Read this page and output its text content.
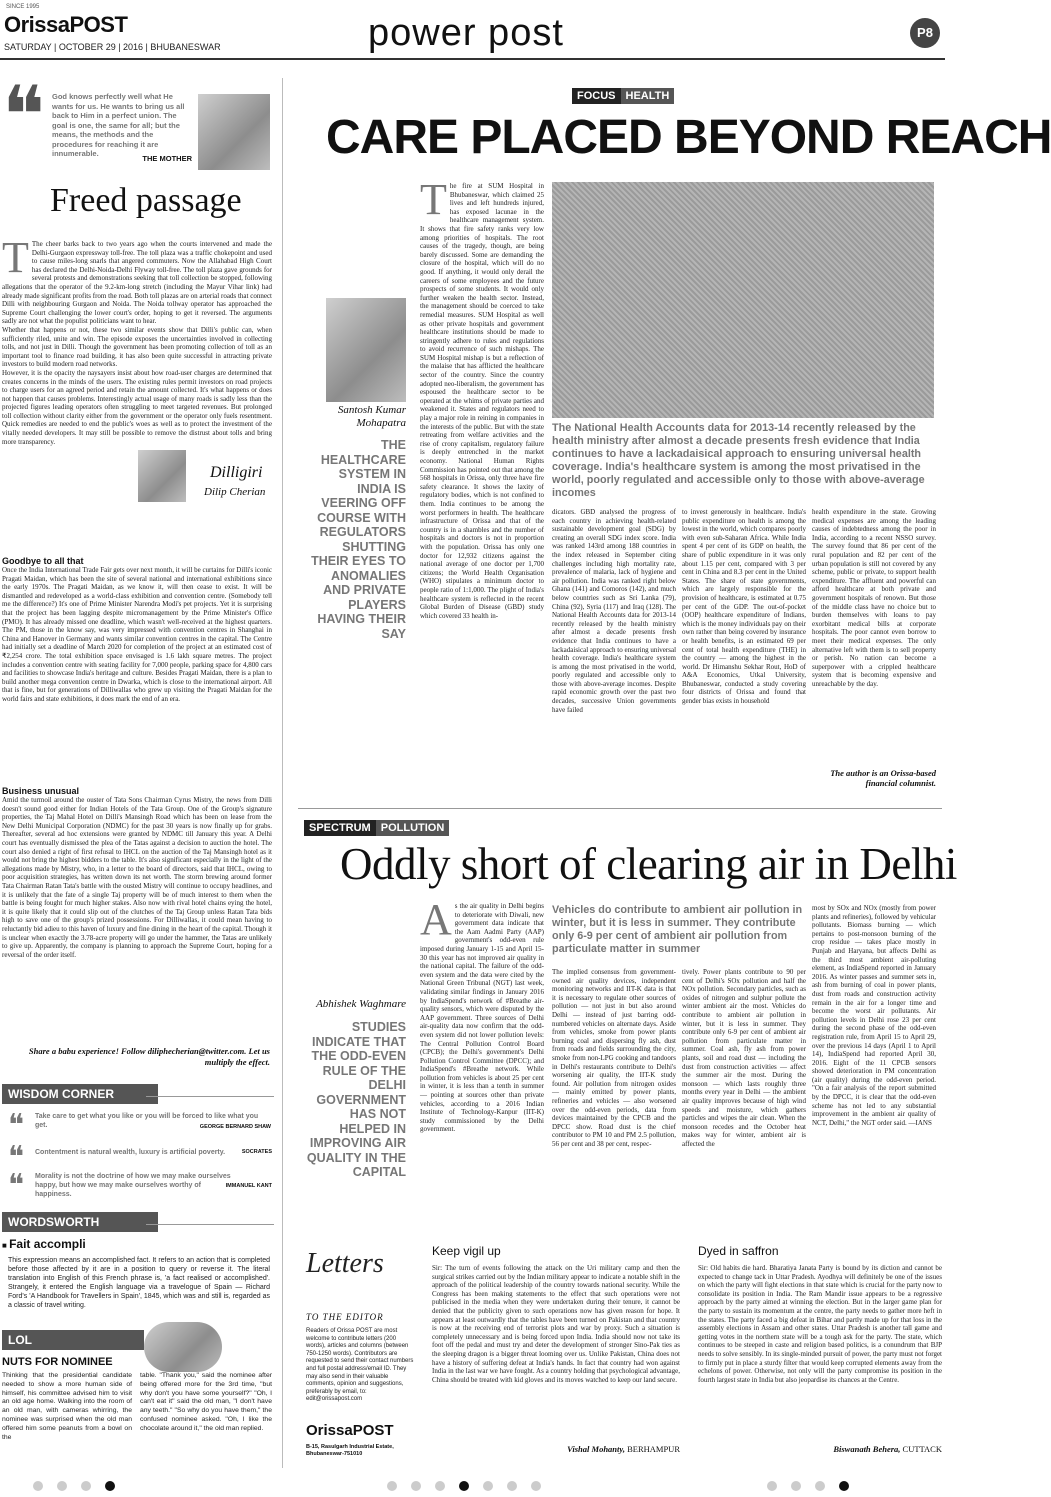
SINCE 1995
OrissaPOST
SATURDAY | OCTOBER 29 | 2016 | BHUBANESWAR	power post	P8
❝ God knows perfectly well what He wants for us. He wants to bring us all back to Him in a perfect union. The goal is one, the same for all; but the means, the methods and the procedures for reaching it are innumerable.
THE MOTHER
Freed passage
T The cheer barks back to two years ago when the courts intervened and made the Delhi-Gurgaon expressway toll-free. The toll plaza was a traffic chokepoint and used to cause miles-long snarls that angered commuters. Now the Allahabad High Court has declared the Delhi-Noida-Delhi Flyway toll-free. The toll plaza gave grounds for several protests and demonstrations seeking that toll collection be stopped, following allegations that the operator of the 9.2-km-long stretch (including the Mayur Vihar link) had already made significant profits from the road. Both toll plazas are on arterial roads that connect Dilli with neighbouring Gurgaon and Noida. The Noida tollway operator has approached the Supreme Court challenging the lower court's order, hoping to get it reversed. The arguments sadly are not what the populist politicians want to hear.
Whether that happens or not, these two similar events show that Dilli's public can, when sufficiently riled, unite and win. The episode exposes the uncertainties involved in collecting tolls, and not just in Dilli. Though the government has been promoting collection of toll as an important tool to finance road building, it has also been quite successful in attracting private investors to build modern road networks.
However, it is the opacity the naysayers insist about how road-user charges are determined that creates concerns in the minds of the users. The existing rules permit investors on road projects to charge users for an agreed period and retain the amount collected. It's what happens or does not happen that causes problems. Interestingly actual usage of many roads is sadly less than the projected figures leading operators often struggling to meet targeted revenues. But prolonged toll collection without clarity either from the government or the operator only fuels resentment. Quick remedies are needed to end the public's woes as well as to protect the investment of the vitally needed developers. It may still be possible to remove the distrust about tolls and bring more transparency.
Dilligiri
Dilip Cherian
Goodbye to all that
Once the India International Trade Fair gets over next month, it will be curtains for Dilli's iconic Pragati Maidan, which has been the site of several national and international exhibitions since the early 1970s. The Pragati Maidan, as we know it, will then cease to exist. It will be dismantled and redeveloped as a world-class exhibition and convention centre. (Somebody tell me the difference?) It's one of Prime Minister Narendra Modi's pet projects. Yet it is surprising that the project has been lagging despite micromanagement by the Prime Minister's Office (PMO). It has already missed one deadline, which wasn't well-received at the highest quarters. The PM, those in the know say, was very impressed with convention centres in Shanghai in China and Hanover in Germany and wants similar convention centres in the capital. The Centre had initially set a deadline of March 2020 for completion of the project at an estimated cost of ₹2,254 crore. The total exhibition space envisaged is 1.6 lakh square metres. The project includes a convention centre with seating facility for 7,000 people, parking space for 4,800 cars and facilities to showcase India's heritage and culture. Besides Pragati Maidan, there is a plan to build another mega convention centre in Dwarka, which is close to the international airport. All that is fine, but for generations of Dilliwallas who grew up visiting the Pragati Maidan for the world fairs and state exhibitions, it does mark the end of an era.
Business unusual
Amid the turmoil around the ouster of Tata Sons Chairman Cyrus Mistry, the news from Dilli doesn't sound good either for Indian Hotels of the Tata Group. One of the Group's signature properties, the Taj Mahal Hotel on Dilli's Mansingh Road which has been on lease from the New Delhi Municipal Corporation (NDMC) for the past 30 years is now finally up for grabs. Thereafter, several ad hoc extensions were granted by NDMC till January this year. A Delhi court has eventually dismissed the plea of the Tatas against a decision to auction the hotel. The court also denied a right of first refusal to IHCL on the auction of the Taj Mansingh hotel as it would not bring the highest bidders to the table. It's also significant especially in the light of the allegations made by Mistry, who, in a letter to the board of directors, said that IHCL, owing to poor acquisition strategies, has written down its net worth. The storm brewing around former Tata Chairman Ratan Tata's battle with the ousted Mistry will continue to occupy headlines, and it is unlikely that the fate of a single Taj property will be of much interest to them when the battle is being fought for much higher stakes. Also now with rival hotel chains eying the hotel, it is quite likely that it could slip out of the clutches of the Taj Group unless Ratan Tata bids high to save one of the group's prized possessions. For Dilliwallas, it could mean having to reluctantly bid adieu to this haven of luxury and fine dining in the heart of the capital. Though it is unclear when exactly the 3.78-acre property will go under the hammer, the Tatas are unlikely to give up. Apparently, the company is planning to approach the Supreme Court, hoping for a reversal of the order itself.
Share a babu experience! Follow diliphecherian@twitter.com. Let us multiply the effect.
WISDOM CORNER
❝ Take care to get what you like or you will be forced to like what you get.	GEORGE BERNARD SHAW
❝ Contentment is natural wealth, luxury is artificial poverty.	SOCRATES
❝ Morality is not the doctrine of how we may make ourselves happy, but how we may make ourselves worthy of happiness.
IMMANUEL KANT
WORDSWORTH
■ Fait accompli
This expression means an accomplished fact. It refers to an action that is completed before those affected by it are in a position to query or reverse it. The literal translation into English of this French phrase is, 'a fact realised or accomplished'. Strangely, it entered the English language via a travelogue of Spain — Richard Ford's 'A Handbook for Travellers in Spain', 1845, which was and still is, regarded as a classic of travel writing.
LOL
NUTS FOR NOMINEE
Thinking that the presidential candidate needed to show a more human side of himself, his committee advised him to visit an old age home. Walking into the room of an old man, with cameras whirring, the nominee was surprised when the old man offered him some peanuts from a bowl on the
table. "Thank you," said the nominee after being offered more for the 3rd time, "but why don't you have some yourself?" "Oh, I can't eat it" said the old man, "I don't have any teeth." "So why do you have them," the confused nominee asked. "Oh, I like the chocolate around it," the old man replied.
FOCUS HEALTH
CARE PLACED BEYOND REACH
Santosh Kumar Mohapatra
THE HEALTHCARE SYSTEM IN INDIA IS VEERING OFF COURSE WITH REGULATORS SHUTTING THEIR EYES TO ANOMALIES AND PRIVATE PLAYERS HAVING THEIR SAY
The fire at SUM Hospital in Bhubaneswar, which claimed 25 lives and left hundreds injured, has exposed lacunae in the healthcare management system. It shows that fire safety ranks very low among priorities of hospitals. The root causes of the tragedy, though, are being barely discussed. Some are demanding the closure of the hospital, which will do no good. If anything, it would only derail the careers of some employees and the future prospects of some students. It would only further weaken the health sector. Instead, the management should be coerced to take remedial measures. SUM Hospital as well as other private hospitals and government healthcare institutions should be made to stringently adhere to rules and regulations to avoid recurrence of such mishaps. The SUM Hospital mishap is but a reflection of the malaise that has afflicted the healthcare sector of the country. Since the country adopted neo-liberalism, the government has espoused the healthcare sector to be operated at the whims of private parties and weakened it. States and regulators need to play a major role in reining in companies in the interests of the public. But with the state retreating from welfare activities and the rise of crony capitalism, regulatory failure is deeply entrenched in the market economy. National Human Rights Commission has pointed out that among the 568 hospitals in Orissa, only three have fire safety clearance. It shows the laxity of regulatory bodies, which is not confined to them. India continues to be among the worst performers in health. The healthcare infrastructure of Orissa and that of the country is in a shambles and the number of hospitals and doctors is not in proportion with the population. Orissa has only one doctor for 12,932 citizens against the national average of one doctor per 1,700 citizens; the World Health Organisation (WHO) stipulates a minimum doctor to people ratio of 1:1,000. The plight of India's healthcare system is reflected in the recent Global Burden of Disease (GBD) study which covered 33 health in-
The National Health Accounts data for 2013-14 recently released by the health ministry after almost a decade presents fresh evidence that India continues to have a lackadaisical approach to ensuring universal health coverage. India's healthcare system is among the most privatised in the world, poorly regulated and accessible only to those with above-average incomes
dicators. GBD analysed the progress of each country in achieving health-related sustainable development goal (SDG) by creating an overall SDG index score. India was ranked 143rd among 188 countries in the index released in September citing challenges including high mortality rate, prevalence of malaria, lack of hygiene and air pollution. India was ranked right below Ghana (141) and Comoros (142), and much below countries such as Sri Lanka (79), China (92), Syria (117) and Iraq (128). The National Health Accounts data for 2013-14 recently released by the health ministry after almost a decade presents fresh evidence that India continues to have a lackadaisical approach to ensuring universal health coverage. India's healthcare system is among the most privatised in the world, poorly regulated and accessible only to those with above-average incomes. Despite rapid economic growth over the past two decades, successive Union governments have failed
to invest generously in healthcare. India's public expenditure on health is among the lowest in the world, which compares poorly with even sub-Saharan Africa. While India spent 4 per cent of its GDP on health, the share of public expenditure in it was only about 1.15 per cent, compared with 3 per cent in China and 8.3 per cent in the United States. The share of state governments, which are largely responsible for the provision of healthcare, is estimated at 0.75 per cent of the GDP. The out-of-pocket (OOP) healthcare expenditure of Indians, which is the money individuals pay on their own rather than being covered by insurance or health benefits, is an estimated 69 per cent of total health expenditure (THE) in the country — among the highest in the world. Dr Himanshu Sekhar Rout, HoD of A&A Economics, Utkal University, Bhubaneswar, conducted a study covering four districts of Orissa and found that gender bias exists in household
health expenditure in the state. Growing medical expenses are among the leading causes of indebtedness among the poor in India, according to a recent NSSO survey. The survey found that 86 per cent of the rural population and 82 per cent of the urban population is still not covered by any scheme, public or private, to support health expenditure. The affluent and powerful can afford healthcare at both private and government hospitals of renown. But those of the middle class have no choice but to burden themselves with loans to pay exorbitant medical bills at corporate hospitals. The poor cannot even borrow to meet their medical expenses. The only alternative left with them is to sell property or perish. No nation can become a superpower with a crippled healthcare system that is becoming expensive and unreachable by the day.
The author is an Orissa-based
financial columnist.
SPECTRUM POLLUTION
Oddly short of clearing air in Delhi
Abhishek Waghmare
STUDIES INDICATE THAT THE ODD-EVEN RULE OF THE DELHI GOVERNMENT HAS NOT HELPED IN IMPROVING AIR QUALITY IN THE CAPITAL
As the air quality in Delhi begins to deteriorate with Diwali, new government data indicate that the Aam Aadmi Party (AAP) government's odd-even rule imposed during January 1-15 and April 15-30 this year has not improved air quality in the national capital. The failure of the odd-even system and the data were cited by the National Green Tribunal (NGT) last week, validating similar findings in January 2016 by IndiaSpend's network of #Breathe air-quality sensors, which were disputed by the AAP government. Three sources of Delhi air-quality data now confirm that the odd-even system did not lower pollution levels: The Central Pollution Control Board (CPCB); the Delhi's government's Delhi Pollution Control Committee (DPCC); and IndiaSpend's #Breathe network. While pollution from vehicles is about 25 per cent in winter, it is less than a tenth in summer — pointing at sources other than private vehicles, according to a 2016 Indian Institute of Technology-Kanpur (IIT-K) study commissioned by the Delhi government.
Vehicles do contribute to ambient air pollution in winter, but it is less in summer. They contribute only 6-9 per cent of ambient air pollution from particulate matter in summer
The implied consensus from government-owned air quality devices, independent monitoring networks and IIT-K data is that it is necessary to regulate other sources of pollution — not just in but also around Delhi — instead of just barring odd-numbered vehicles on alternate days. Aside from vehicles, smoke from power plants burning coal and dispersing fly ash, dust from roads and fields surrounding the city, smoke from non-LPG cooking and tandoors in Delhi's restaurants contribute to Delhi's worsening air quality, the IIT-K study found. Air pollution from nitrogen oxides — mainly emitted by power plants, refineries and vehicles — also worsened over the odd-even periods, data from devices maintained by the CPCB and the DPCC show. Road dust is the chief contributor to PM 10 and PM 2.5 pollution, 56 per cent and 38 per cent, respec-
tively. Power plants contribute to 90 per cent of Delhi's SOx pollution and half the NOx pollution. Secondary particles, such as oxides of nitrogen and sulphur pollute the winter ambient air the most. Vehicles do contribute to ambient air pollution in winter, but it is less in summer. They contribute only 6-9 per cent of ambient air pollution from particulate matter in summer. Coal ash, fly ash from power plants, soil and road dust — including the dust from construction activities — affect the summer air the most. During the monsoon — which lasts roughly three months every year in Delhi — the ambient air quality improves because of high wind speeds and moisture, which gathers particles and wipes the air clean. When the monsoon recedes and the October heat makes way for winter, ambient air is affected the
most by SOx and NOx (mostly from power plants and refineries), followed by vehicular pollutants. Biomass burning — which pertains to post-monsoon burning of the crop residue — takes place mostly in Punjab and Haryana, but affects Delhi as the third most ambient air-polluting element, as IndiaSpend reported in January 2016. As winter passes and summer sets in, ash from burning of coal in power plants, dust from roads and construction activity remain in the air for a longer time and become the worst air pollutants. Air pollution levels in Delhi rose 23 per cent during the second phase of the odd-even registration rule, from April 15 to April 29, over the previous 14 days (April 1 to April 14), IndiaSpend had reported April 30, 2016. Eight of the 11 CPCB sensors showed deterioration in PM concentration (air quality) during the odd-even period. "On a fair analysis of the report submitted by the DPCC, it is clear that the odd-even scheme has not led to any substantial improvement in the ambient air quality of NCT, Delhi," the NGT order said. —IANS
Letters
TO THE EDITOR
Readers of Orissa POST are most welcome to contribute letters (200 words), articles and columns (between 750-1250 words). Contributors are requested to send their contact numbers and full postal address/email ID. They may also send in their valuable comments, opinion and suggestions, preferably by email, to: edit@orissapost.com
OrissaPOST
B-15, Rasulgarh Industrial Estate, Bhubaneswar-751010
Keep vigil up
Sir: The turn of events following the attack on the Uri military camp and then the surgical strikes carried out by the Indian military appear to indicate a notable shift in the approach of the political leadership of the country towards national security. While the Congress has been making statements to the effect that such operations were not publicised in the media when they were undertaken during their tenure, it cannot be denied that the publicity given to such operations now has given reason for hope. It appears at least outwardly that the tables have been turned on Pakistan and that country is now at the receiving end of terrorist plots and war by proxy. Such a situation is completely unnecessary and is being forced upon India. India should now not take its foot off the pedal and must try and deter the development of stronger Sino-Pak ties as the sleeping dragon is a bigger threat looming over us. Unlike Pakistan, China does not have a history of suffering defeat at India's hands. In fact that country had won against India in the last war we have fought. As a country holding that psychological advantage, China should be treated with kid gloves and its moves watched to keep our land secure.
Vishal Mohanty, BERHAMPUR
Dyed in saffron
Sir: Old habits die hard. Bharatiya Janata Party is bound by its diction and cannot be expected to change tack in Uttar Pradesh. Ayodhya will definitely be one of the issues on which the party will fight elections in that state which is crucial for the party now to consolidate its position in India. The Ram Mandir issue appears to be a regressive approach by the party aimed at winning the election. But in the larger game plan for the party to sustain its momentum at the centre, the party needs to gather more heft in the states. The party faced a big defeat in Bihar and partly made up for that loss in the assembly elections in Assam and other states. Uttar Pradesh is another tall game and getting votes in the northern state will be a tough ask for the party. The state, which continues to be steeped in caste and religion based politics, is a conundrum that BJP needs to solve sensibly. In its single-minded pursuit of power, the party must not forget to firmly put in place a sturdy filter that would keep corrupted elements away from the echelons of power. Otherwise, not only will the party compromise its position in the fourth largest state in India but also jeopardise its chances at the Centre.
Biswanath Behera, CUTTACK
